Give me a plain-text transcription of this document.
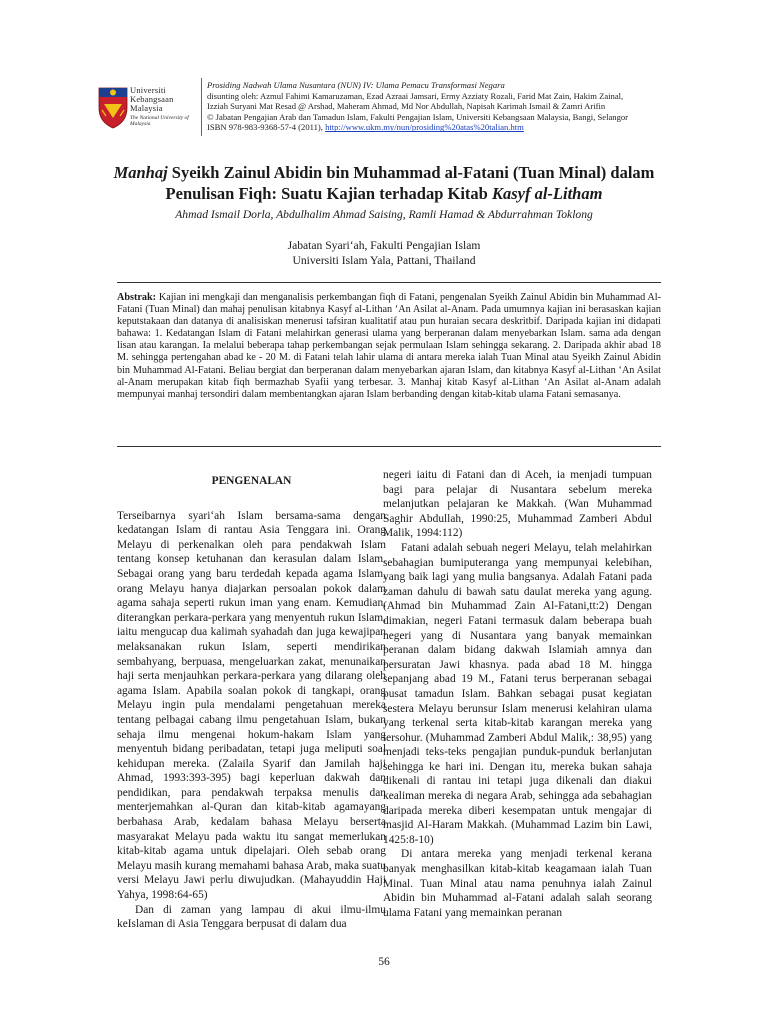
Universiti
Kebangsaan
Malaysia
The National University of Malaysia
Prosiding Nadwah Ulama Nusantara (NUN) IV: Ulama Pemacu Transformasi Negara
disunting oleh: Azmul Fahimi Kamaruzaman, Ezad Azraai Jamsari, Ermy Azziaty Rozali, Farid Mat Zain, Hakim Zainal,
Izziah Suryani Mat Resad @ Arshad, Maheram Ahmad, Md Nor Abdullah, Napisah Karimah Ismail & Zamri Arifin
© Jabatan Pengajian Arab dan Tamadun Islam, Fakulti Pengajian Islam, Universiti Kebangsaan Malaysia, Bangi, Selangor
ISBN 978-983-9368-57-4 (2011), http://www.ukm.my/nun/prosiding%20atas%20talian.htm
Manhaj Syeikh Zainul Abidin bin Muhammad al-Fatani (Tuan Minal) dalam Penulisan Fiqh: Suatu Kajian terhadap Kitab Kasyf al-Litham
Ahmad Ismail Dorla, Abdulhalim Ahmad Saising, Ramli Hamad & Abdurrahman Toklong
Jabatan Syari‘ah, Fakulti Pengajian Islam
Universiti Islam Yala, Pattani, Thailand
Abstrak: Kajian ini mengkaji dan menganalisis perkembangan fiqh di Fatani, pengenalan Syeikh Zainul Abidin bin Muhammad Al-Fatani (Tuan Minal) dan mahaj penulisan kitabnya Kasyf al-Lithan ‘An Asilat al-Anam. Pada umumnya kajian ini berasaskan kajian keputstakaan dan datanya di analisiskan menerusi tafsiran kualitatif atau pun huraian secara deskritbif. Daripada kajian ini didapati bahawa: 1. Kedatangan Islam di Fatani melahirkan generasi ulama yang berperanan dalam menyebarkan Islam. sama ada dengan lisan atau karangan. Ia melalui beberapa tahap perkembangan sejak permulaan Islam sehingga sekarang. 2. Daripada akhir abad 18 M. sehingga pertengahan abad ke - 20 M. di Fatani telah lahir ulama di antara mereka ialah Tuan Minal atau Syeikh Zainul Abidin bin Muhammad Al-Fatani. Beliau bergiat dan berperanan dalam menyebarkan ajaran Islam, dan kitabnya Kasyf al-Lithan ‘An Asilat al-Anam merupakan kitab fiqh bermazhab Syafii yang terbesar. 3. Manhaj kitab Kasyf al-Lithan ‘An Asilat al-Anam adalah mempunyai manhaj tersondiri dalam membentangkan ajaran Islam berbanding dengan kitab-kitab ulama Fatani semasanya.
PENGENALAN

Terseibarnya syari‘ah Islam bersama-sama dengan kedatangan Islam di rantau Asia Tenggara ini. Orang Melayu di perkenalkan oleh para pendakwah Islam tentang konsep ketuhanan dan kerasulan dalam Islam. Sebagai orang yang baru terdedah kepada agama Islam, orang Melayu hanya diajarkan persoalan pokok dalam agama sahaja seperti rukun iman yang enam. Kemudian, diterangkan perkara-perkara yang menyentuh rukun Islam, iaitu mengucap dua kalimah syahadah dan juga kewajipan melaksanakan rukun Islam, seperti mendirikan sembahyang, berpuasa, mengeluarkan zakat, menunaikan haji serta menjauhkan perkara-perkara yang dilarang oleh agama Islam. Apabila soalan pokok di tangkapi, orang Melayu ingin pula mendalami pengetahuan mereka tentang pelbagai cabang ilmu pengetahuan Islam, bukan sehaja ilmu mengenai hokum-hakam Islam yang menyentuh bidang peribadatan, tetapi juga meliputi soal kehidupan mereka. (Zalaila Syarif dan Jamilah haji Ahmad, 1993:393-395) bagi keperluan dakwah dan pendidikan, para pendakwah terpaksa menulis dan menterjemahkan al-Quran dan kitab-kitab agamayang berbahasa Arab, kedalam bahasa Melayu berserta masyarakat Melayu pada waktu itu sangat memerlukan kitab-kitab agama untuk dipelajari. Oleh sebab orang Melayu masih kurang memahami bahasa Arab, maka suatu versi Melayu Jawi perlu diwujudkan. (Mahayuddin Haji Yahya, 1998:64-65)

Dan di zaman yang lampau di akui ilmu-ilmu keIslaman di Asia Tenggara berpusat di dalam dua

negeri iaitu di Fatani dan di Aceh, ia menjadi tumpuan bagi para pelajar di Nusantara sebelum mereka melanjutkan pelajaran ke Makkah. (Wan Muhammad Saghir Abdullah, 1990:25, Muhammad Zamberi Abdul Malik, 1994:112)

Fatani adalah sebuah negeri Melayu, telah melahirkan sebahagian bumiputeranga yang mempunyai kelebihan, yang baik lagi yang mulia bangsanya. Adalah Fatani pada zaman dahulu di bawah satu daulat mereka yang agung. (Ahmad bin Muhammad Zain Al-Fatani,tt:2) Dengan dimakian, negeri Fatani termasuk dalam beberapa buah negeri yang di Nusantara yang banyak memainkan peranan dalam bidang dakwah Islamiah amnya dan persuratan Jawi khasnya. pada abad 18 M. hingga sepanjang abad 19 M., Fatani terus berperanan sebagai pusat tamadun Islam. Bahkan sebagai pusat kegiatan sestera Melayu berunsur Islam menerusi kelahiran ulama yang terkenal serta kitab-kitab karangan mereka yang tersohur. (Muhammad Zamberi Abdul Malik,: 38,95) yang menjadi teks-teks pengajian punduk-punduk berlanjutan sehingga ke hari ini. Dengan itu, mereka bukan sahaja dikenali di rantau ini tetapi juga dikenali dan diakui kealiman mereka di negara Arab, sehingga ada sebahagian daripada mereka diberi kesempatan untuk mengajar di masjid Al-Haram Makkah. (Muhammad Lazim bin Lawi, 1425:8-10)

Di antara mereka yang menjadi terkenal kerana banyak menghasilkan kitab-kitab keagamaan ialah Tuan Minal. Tuan Minal atau nama penuhnya ialah Zainul Abidin bin Muhammad al-Fatani adalah salah seorang ulama Fatani yang memainkan peranan

56
